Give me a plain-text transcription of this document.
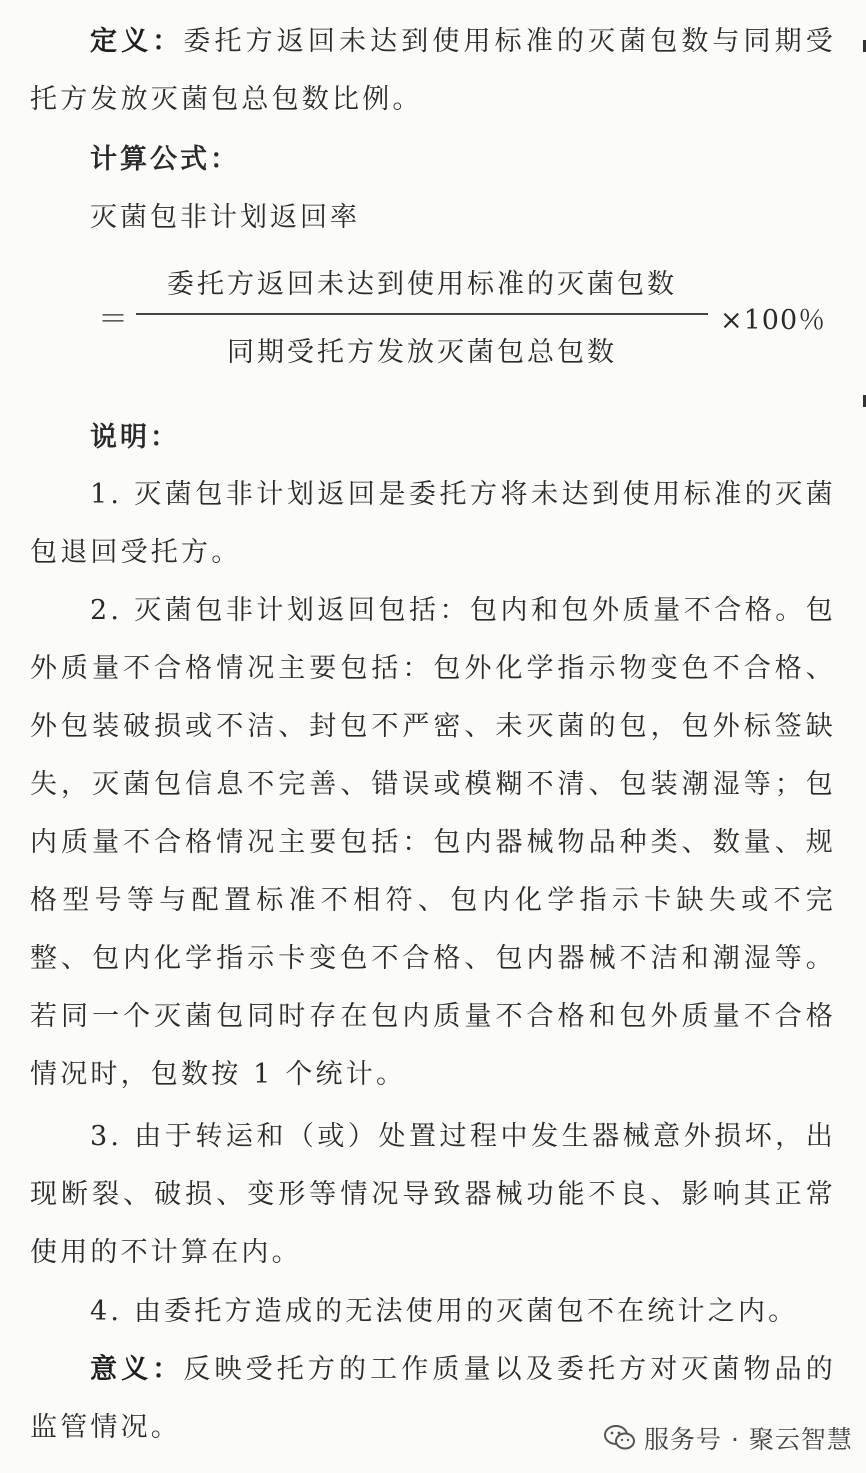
定义：委托方返回未达到使用标准的灭菌包数与同期受托方发放灭菌包总包数比例。

计算公式：

灭菌包非计划返回率

委托方返回未达到使用标准的灭菌包数
＝	×100％
同期受托方发放灭菌包总包数

说明：

1. 灭菌包非计划返回是委托方将未达到使用标准的灭菌包退回受托方。

2. 灭菌包非计划返回包括：包内和包外质量不合格。包外质量不合格情况主要包括：包外化学指示物变色不合格、外包装破损或不洁、封包不严密、未灭菌的包，包外标签缺失，灭菌包信息不完善、错误或模糊不清、包装潮湿等；包内质量不合格情况主要包括：包内器械物品种类、数量、规格型号等与配置标准不相符、包内化学指示卡缺失或不完整、包内化学指示卡变色不合格、包内器械不洁和潮湿等。若同一个灭菌包同时存在包内质量不合格和包外质量不合格情况时，包数按 1 个统计。

3. 由于转运和（或）处置过程中发生器械意外损坏，出现断裂、破损、变形等情况导致器械功能不良、影响其正常使用的不计算在内。

4. 由委托方造成的无法使用的灭菌包不在统计之内。

意义：反映受托方的工作质量以及委托方对灭菌物品的监管情况。	服务号 · 聚云智慧
